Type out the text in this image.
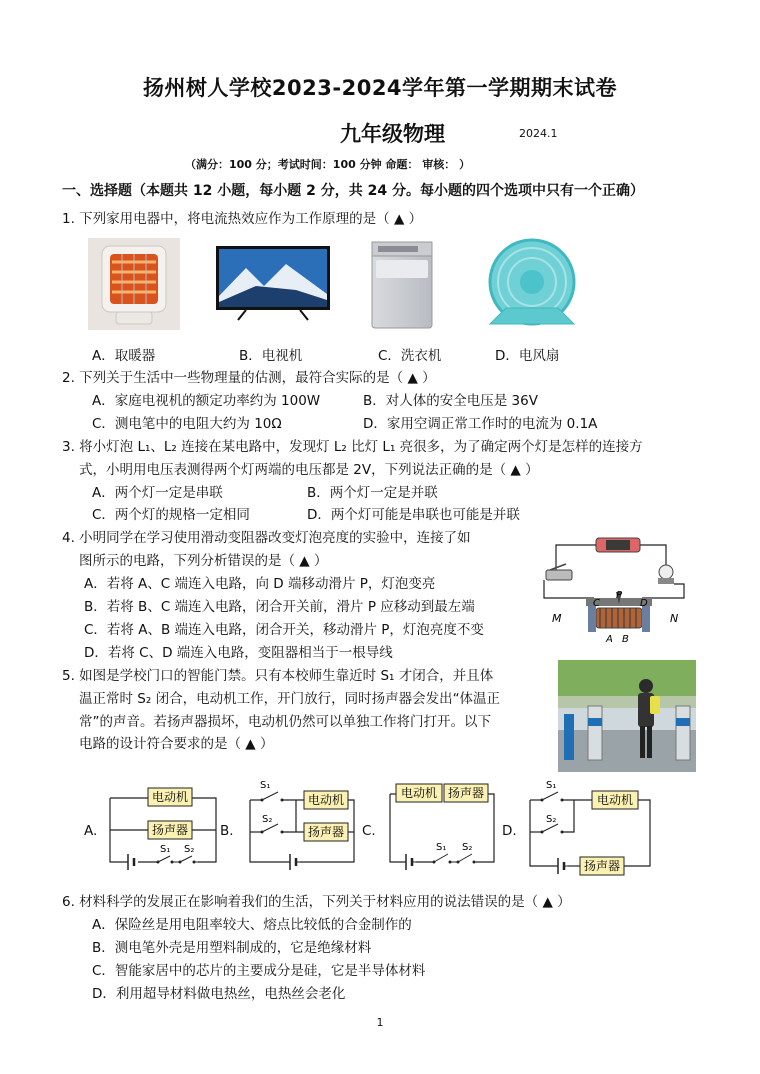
扬州树人学校2023-2024学年第一学期期末试卷
九年级物理	2024.1
（满分：100 分；考试时间：100 分钟 命题： 审核： ）
一、选择题（本题共 12 小题，每小题 2 分，共 24 分。每小题的四个选项中只有一个正确）
1. 下列家用电器中，将电流热效应作为工作原理的是（ ▲ ）
A．取暖器	B．电视机	C．洗衣机	D．电风扇
2. 下列关于生活中一些物理量的估测，最符合实际的是（ ▲ ）
A．家庭电视机的额定功率约为 100W	B．对人体的安全电压是 36V
C．测电笔中的电阻大约为 10Ω	D．家用空调正常工作时的电流为 0.1A
3. 将小灯泡 L₁、L₂ 连接在某电路中，发现灯 L₂ 比灯 L₁ 亮很多，为了确定两个灯是怎样的连接方
式，小明用电压表测得两个灯两端的电压都是 2V，下列说法正确的是（ ▲ ）
A．两个灯一定是串联	B．两个灯一定是并联
C．两个灯的规格一定相同	D．两个灯可能是串联也可能是并联
4. 小明同学在学习使用滑动变阻器改变灯泡亮度的实验中，连接了如
图所示的电路，下列分析错误的是（ ▲ ）
A．若将 A、C 端连入电路，向 D 端移动滑片 P，灯泡变亮
B．若将 B、C 端连入电路，闭合开关前，滑片 P 应移动到最左端
C．若将 A、B 端连入电路，闭合开关，移动滑片 P，灯泡亮度不变
D．若将 C、D 端连入电路，变阻器相当于一根导线
C
P
D
A B
M	N
5. 如图是学校门口的智能门禁。只有本校师生靠近时 S₁ 才闭合，并且体
温正常时 S₂ 闭合，电动机工作，开门放行，同时扬声器会发出“体温正
常”的声音。若扬声器损坏，电动机仍然可以单独工作将门打开。以下
电路的设计符合要求的是（ ▲ ）
A.
S₁ S₂
电动机
扬声器 B.
S₁
S₂
电动机
扬声器 C.
电动机 扬声器
S₁ S₂
D.
S₁
S₂
电动机
扬声器
6. 材料科学的发展正在影响着我们的生活，下列关于材料应用的说法错误的是（ ▲ ）
A．保险丝是用电阻率较大、熔点比较低的合金制作的
B．测电笔外壳是用塑料制成的，它是绝缘材料
C．智能家居中的芯片的主要成分是硅，它是半导体材料
D．利用超导材料做电热丝，电热丝会老化
1
